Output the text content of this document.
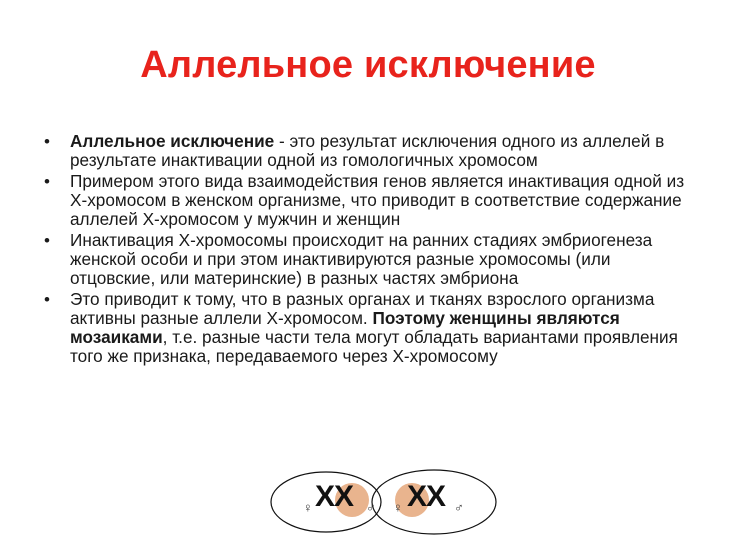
Аллельное исключение
• Аллельное исключение - это результат исключения одного из аллелей в результате инактивации одной из гомологичных хромосом
• Примером этого вида взаимодействия генов является инактивация одной из Х-хромосом в женском организме, что приводит в соответствие содержание аллелей Х-хромосом у мужчин и женщин
• Инактивация Х-хромосомы происходит на ранних стадиях эмбриогенеза женской особи и при этом инактивируются разные хромосомы (или отцовские, или материнские) в разных частях эмбриона
• Это приводит к тому, что в разных органах и тканях взрослого организма активны разные аллели Х-хромосом. Поэтому женщины являются мозаиками, т.е. разные части тела могут обладать вариантами проявления того же признака, передаваемого через Х-хромосому
XX
♀	♂ XX
♀	♂
